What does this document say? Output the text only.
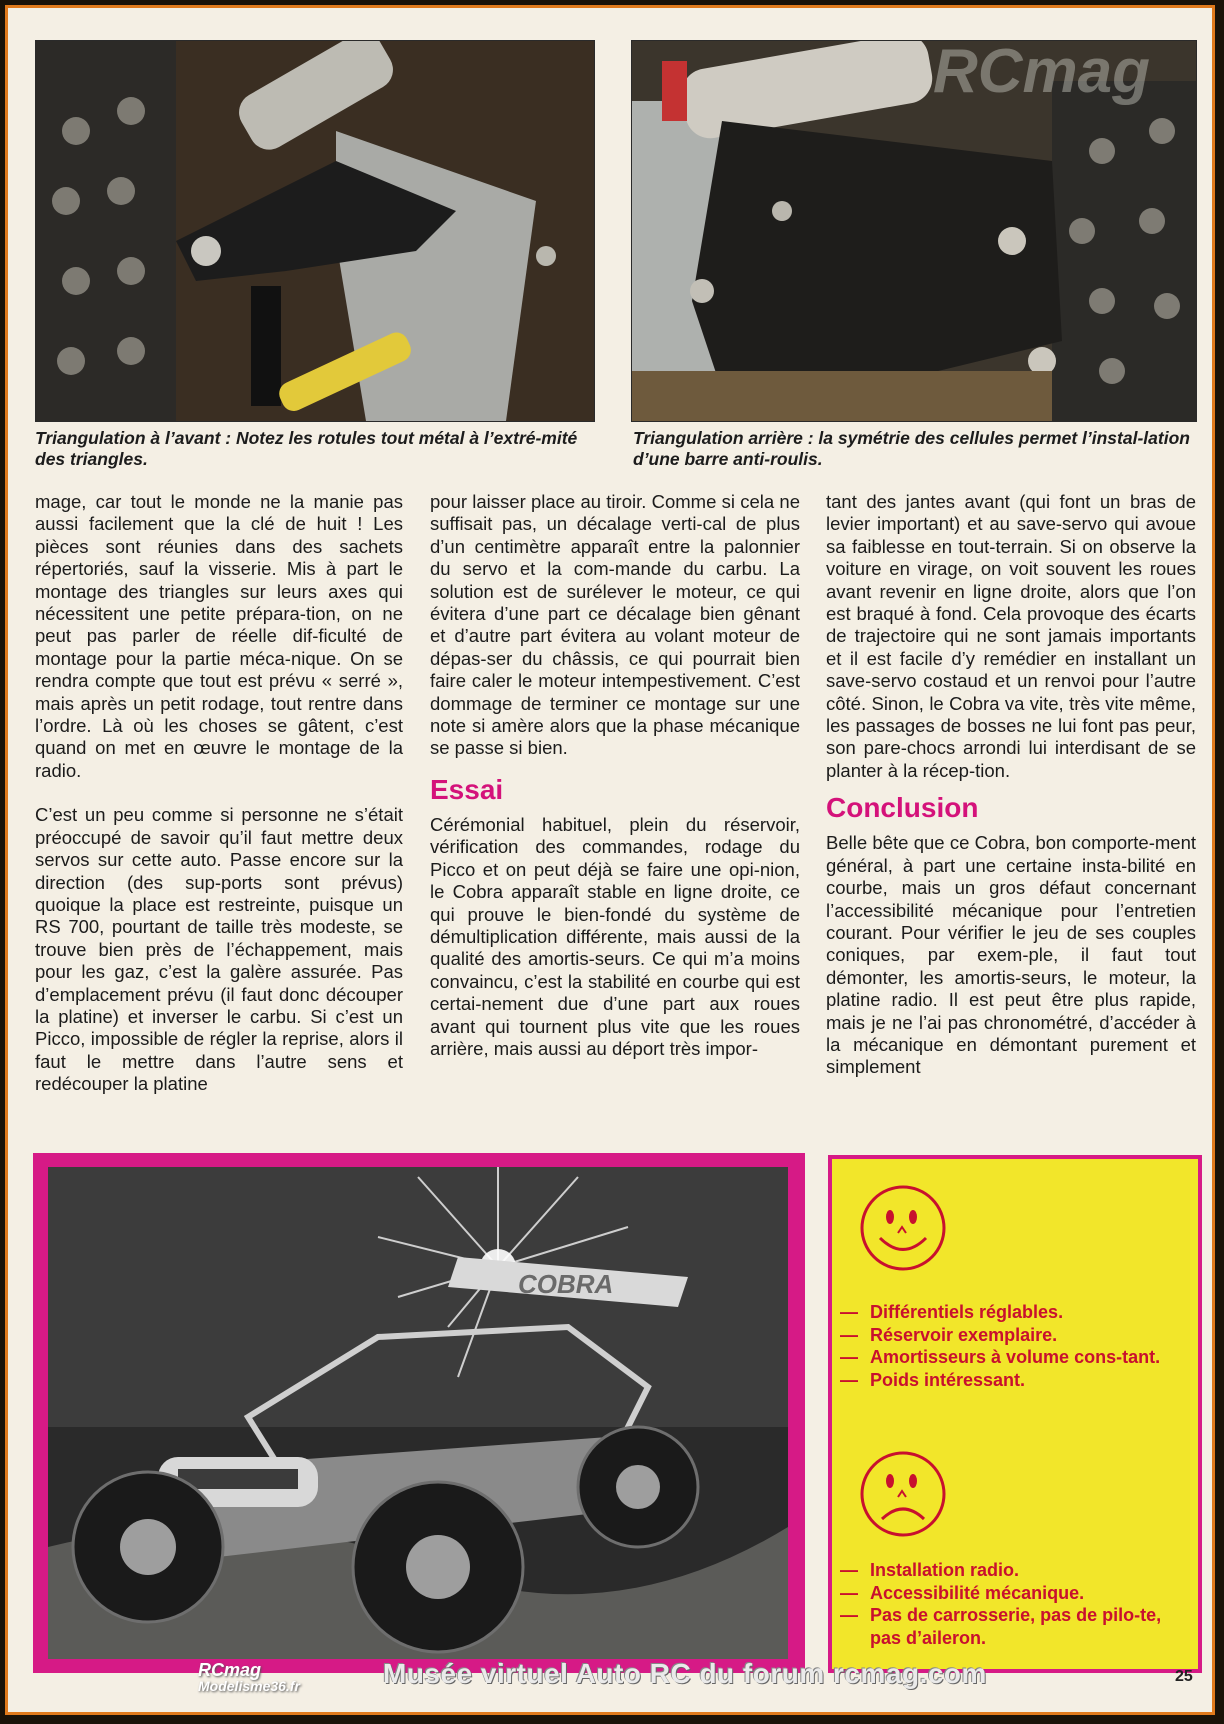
Triangulation à l’avant : Notez les rotules tout métal à l’extré-mité des triangles.
Triangulation arrière : la symétrie des cellules permet l’instal-lation d’une barre anti-roulis.
RCmag

mage, car tout le monde ne la manie pas aussi facilement que la clé de huit ! Les pièces sont réunies dans des sachets répertoriés, sauf la visserie. Mis à part le montage des triangles sur leurs axes qui nécessitent une petite prépara-tion, on ne peut pas parler de réelle dif-ficulté de montage pour la partie méca-nique. On se rendra compte que tout est prévu « serré », mais après un petit rodage, tout rentre dans l’ordre. Là où les choses se gâtent, c’est quand on met en œuvre le montage de la radio.

C’est un peu comme si personne ne s’était préoccupé de savoir qu’il faut mettre deux servos sur cette auto. Passe encore sur la direction (des sup-ports sont prévus) quoique la place est restreinte, puisque un RS 700, pourtant de taille très modeste, se trouve bien près de l’échappement, mais pour les gaz, c’est la galère assurée. Pas d’emplacement prévu (il faut donc découper la platine) et inverser le carbu. Si c’est un Picco, impossible de régler la reprise, alors il faut le mettre dans l’autre sens et redécouper la platine

pour laisser place au tiroir. Comme si cela ne suffisait pas, un décalage verti-cal de plus d’un centimètre apparaît entre la palonnier du servo et la com-mande du carbu. La solution est de surélever le moteur, ce qui évitera d’une part ce décalage bien gênant et d’autre part évitera au volant moteur de dépas-ser du châssis, ce qui pourrait bien faire caler le moteur intempestivement. C’est dommage de terminer ce montage sur une note si amère alors que la phase mécanique se passe si bien.

Essai

Cérémonial habituel, plein du réservoir, vérification des commandes, rodage du Picco et on peut déjà se faire une opi-nion, le Cobra apparaît stable en ligne droite, ce qui prouve le bien-fondé du système de démultiplication différente, mais aussi de la qualité des amortis-seurs. Ce qui m’a moins convaincu, c’est la stabilité en courbe qui est certai-nement due d’une part aux roues avant qui tournent plus vite que les roues arrière, mais aussi au déport très impor-

tant des jantes avant (qui font un bras de levier important) et au save-servo qui avoue sa faiblesse en tout-terrain. Si on observe la voiture en virage, on voit souvent les roues avant revenir en ligne droite, alors que l’on est braqué à fond. Cela provoque des écarts de trajectoire qui ne sont jamais importants et il est facile d’y remédier en installant un save-servo costaud et un renvoi pour l’autre côté. Sinon, le Cobra va vite, très vite même, les passages de bosses ne lui font pas peur, son pare-chocs arrondi lui interdisant de se planter à la récep-tion.

Conclusion

Belle bête que ce Cobra, bon comporte-ment général, à part une certaine insta-bilité en courbe, mais un gros défaut concernant l’accessibilité mécanique pour l’entretien courant. Pour vérifier le jeu de ses couples coniques, par exem-ple, il faut tout démonter, les amortis-seurs, le moteur, la platine radio. Il est peut être plus rapide, mais je ne l’ai pas chronométré, d’accéder à la mécanique en démontant purement et simplement

COBRA
— Différentiels réglables.
— Réservoir exemplaire.
— Amortisseurs à volume cons-tant.
— Poids intéressant.
— Installation radio.
— Accessibilité mécanique.
— Pas de carrosserie, pas de pilo-te, pas d’aileron.
RCmag
Modelisme36.fr	Musée virtuel Auto RC du forum rcmag.com	25
